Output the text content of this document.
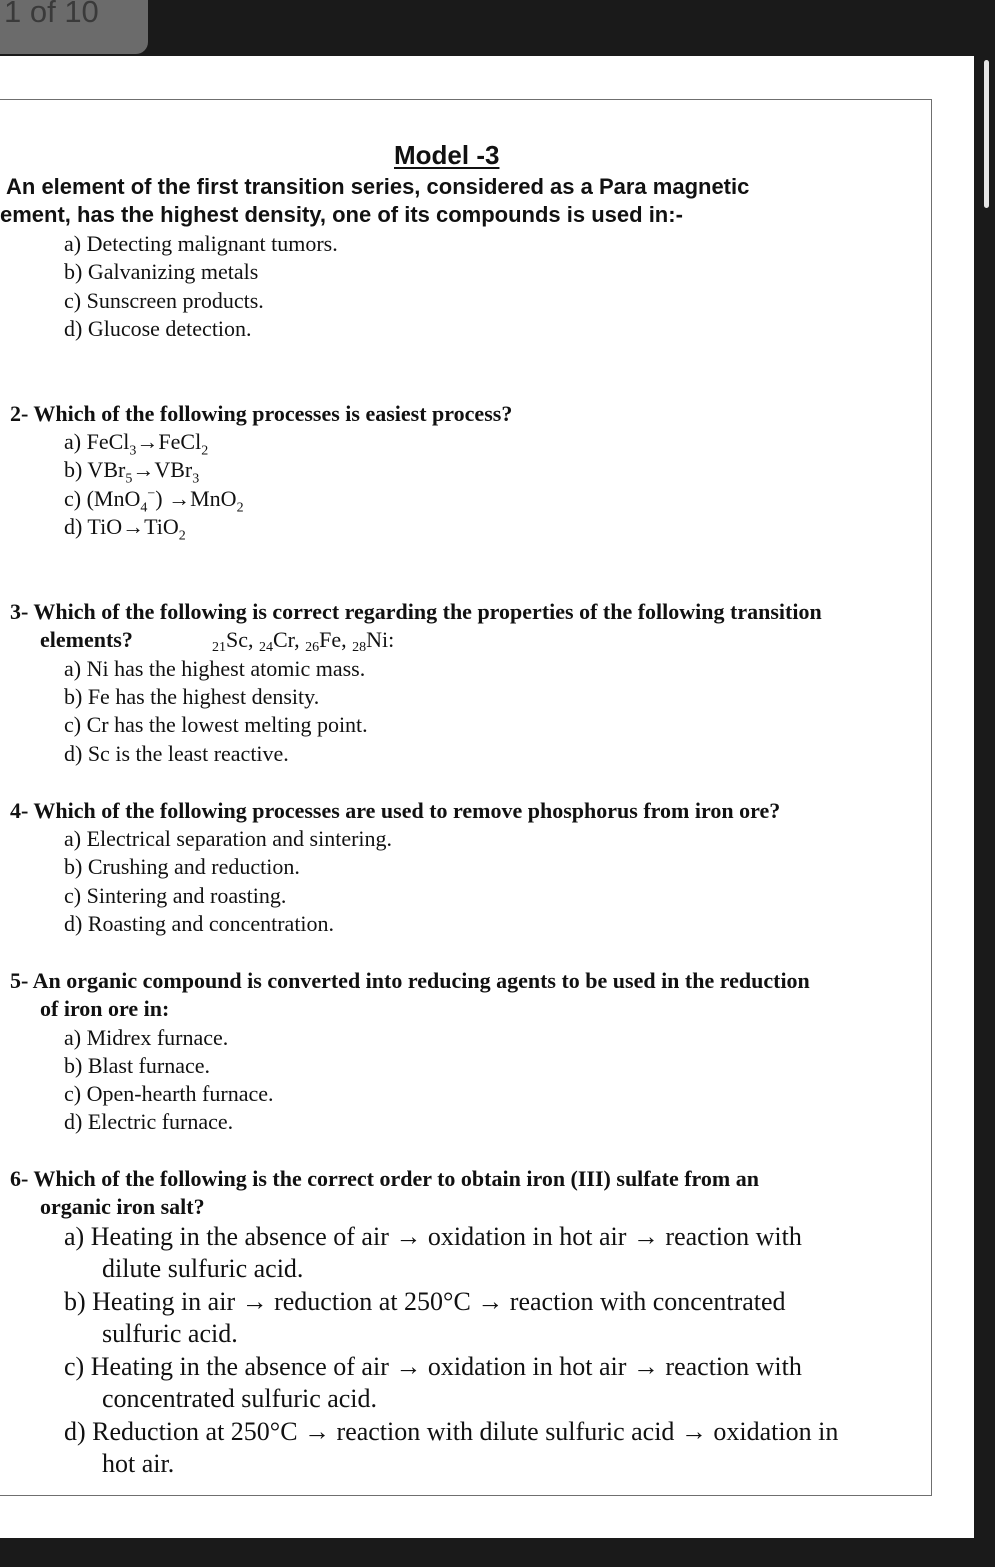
1 of 10

Model -3

An element of the first transition series, considered as a Para magnetic

ement, has the highest density, one of its compounds is used in:-

a) Detecting malignant tumors.

b) Galvanizing metals

c) Sunscreen products.

d) Glucose detection.

2- Which of the following processes is easiest process?

a) FeCl$_3$→FeCl$_2$

b) VBr$_5$→VBr$_3$

c) (MnO$_4$−) →MnO$_2$

d) TiO→TiO$_2$

3- Which of the following is correct regarding the properties of the following transition

elements?	21Sc, 24Cr, 26Fe, 28Ni:

a) Ni has the highest atomic mass.

b) Fe has the highest density.

c) Cr has the lowest melting point.

d) Sc is the least reactive.

4- Which of the following processes are used to remove phosphorus from iron ore?

a) Electrical separation and sintering.

b) Crushing and reduction.

c) Sintering and roasting.

d) Roasting and concentration.

5- An organic compound is converted into reducing agents to be used in the reduction

of iron ore in:

a) Midrex furnace.

b) Blast furnace.

c) Open-hearth furnace.

d) Electric furnace.

6- Which of the following is the correct order to obtain iron (III) sulfate from an

organic iron salt?

a) Heating in the absence of air → oxidation in hot air → reaction with

dilute sulfuric acid.

b) Heating in air → reduction at 250°C → reaction with concentrated

sulfuric acid.

c) Heating in the absence of air → oxidation in hot air → reaction with

concentrated sulfuric acid.

d) Reduction at 250°C → reaction with dilute sulfuric acid → oxidation in

hot air.
